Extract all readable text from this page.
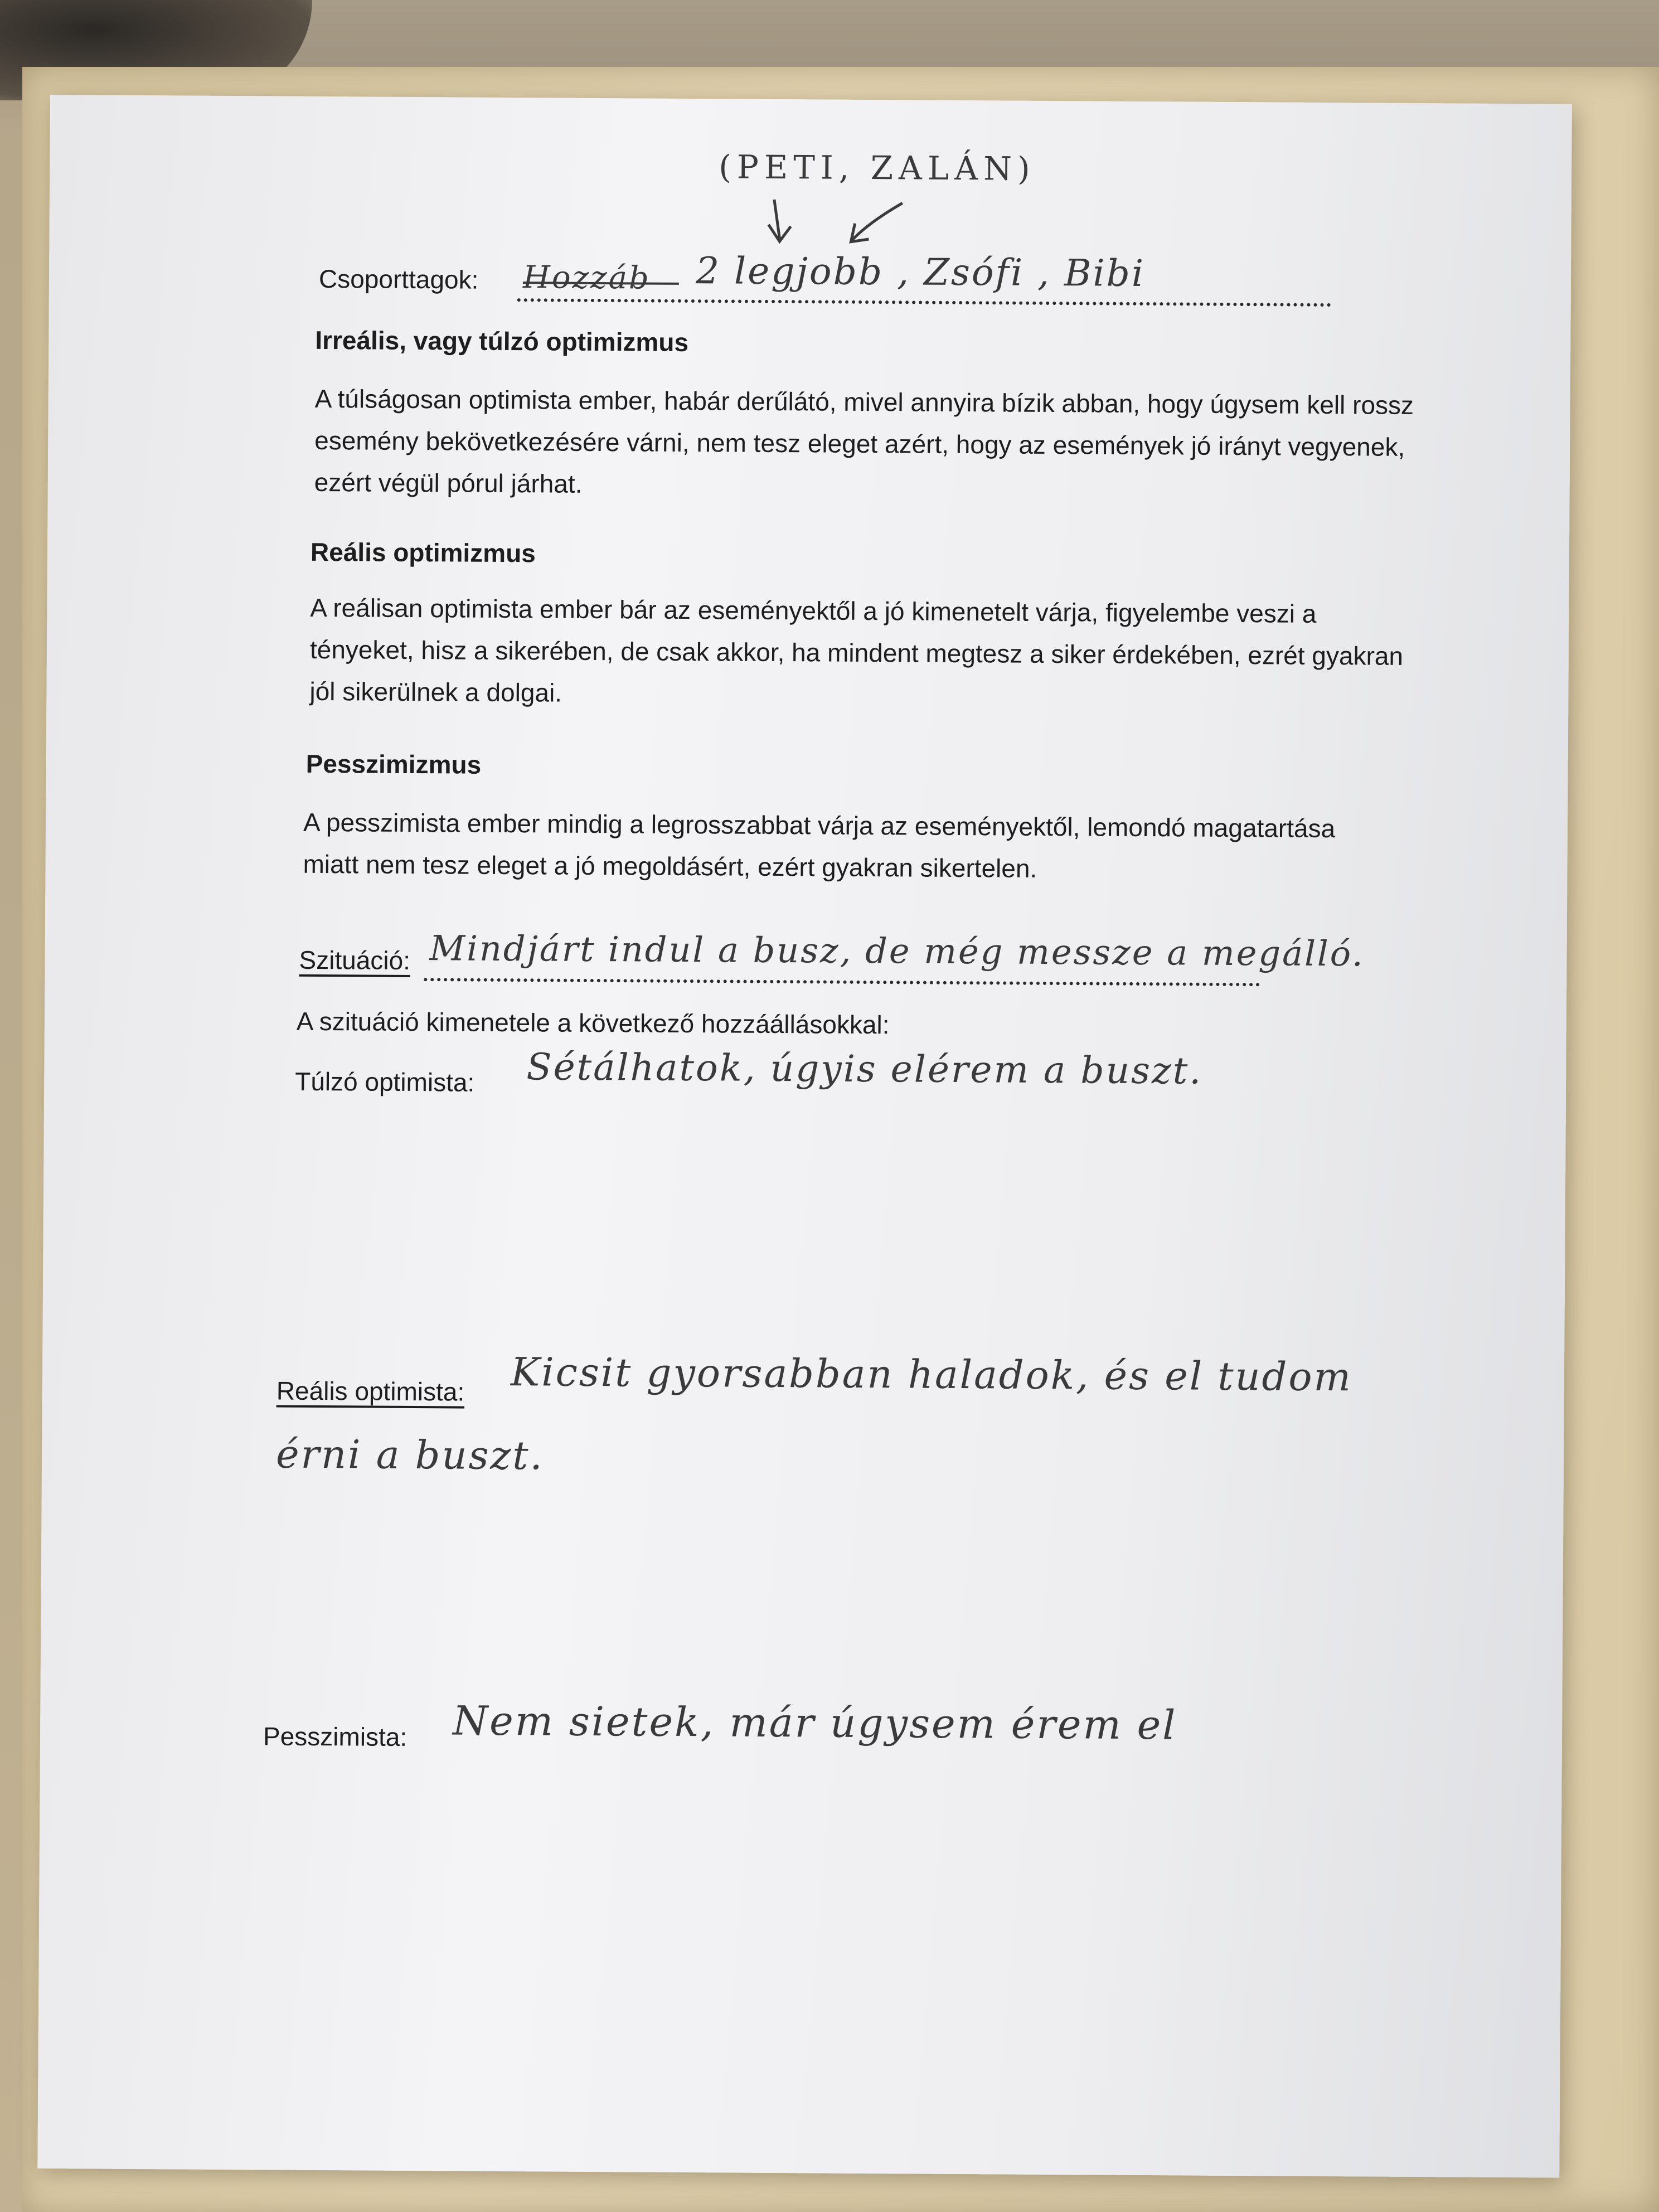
(PETI, ZALÁN)
Csoporttagok: Hozzáb 2 legjobb , Zsófi , Bibi
Irreális, vagy túlzó optimizmus
A túlságosan optimista ember, habár derűlátó, mivel annyira bízik abban, hogy úgysem kell rossz esemény bekövetkezésére várni, nem tesz eleget azért, hogy az események jó irányt vegyenek, ezért végül pórul járhat.
Reális optimizmus
A reálisan optimista ember bár az eseményektől a jó kimenetelt várja, figyelembe veszi a tényeket, hisz a sikerében, de csak akkor, ha mindent megtesz a siker érdekében, ezrét gyakran jól sikerülnek a dolgai.
Pesszimizmus
A pesszimista ember mindig a legrosszabbat várja az eseményektől, lemondó magatartása miatt nem tesz eleget a jó megoldásért, ezért gyakran sikertelen.
Szituáció: Mindjárt indul a busz, de még messze a megálló.
A szituáció kimenetele a következő hozzáállásokkal:
Túlzó optimista: Sétálhatok, úgyis elérem a buszt.
Reális optimista: Kicsit gyorsabban haladok, és el tudom
érni a buszt.
Pesszimista: Nem sietek, már úgysem érem el
